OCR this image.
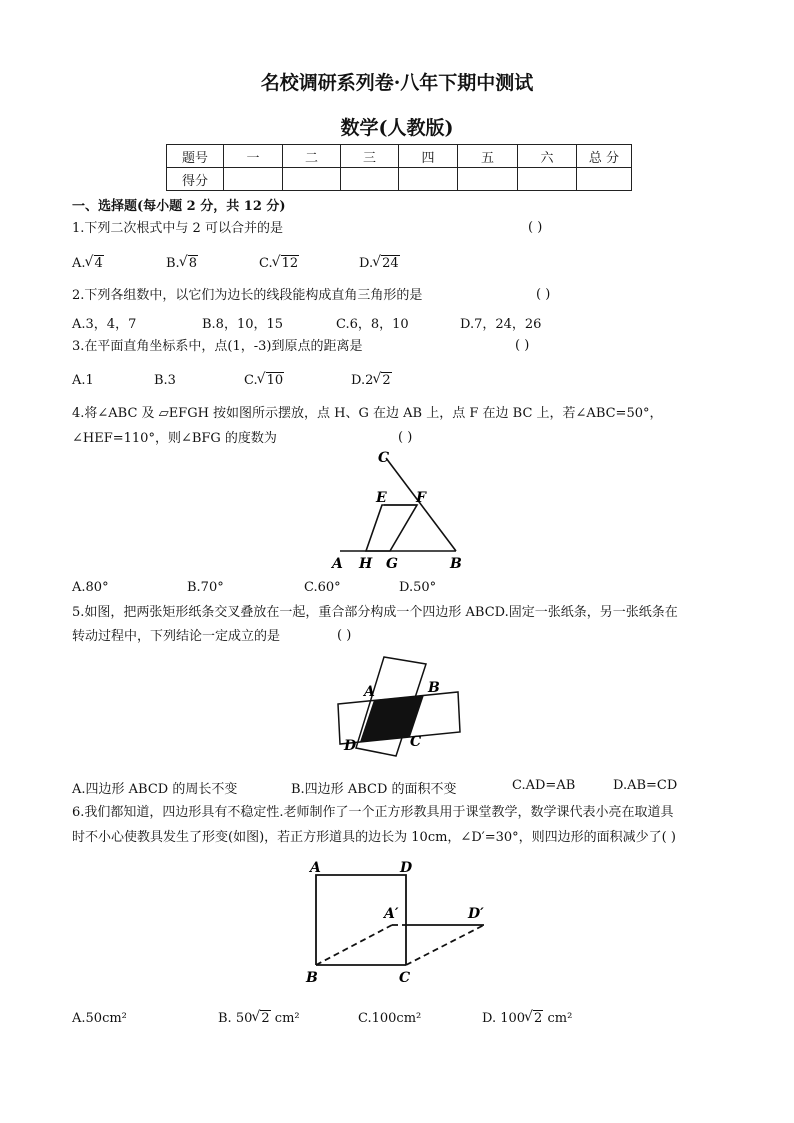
名校调研系列卷·八年下期中测试
数学(人教版)
题号	一	二	三	四	五	六	总 分
得分							
一、选择题(每小题 2 分，共 12 分)
1.下列二次根式中与 2 可以合并的是	( )
A. √ 4	B. √ 8	C. √ 12	D. √ 24
2.下列各组数中，以它们为边长的线段能构成直角三角形的是	( )
A.3，4，7	B.8，10，15	C.6，8，10	D.7，24，26
3.在平面直角坐标系中，点(1，-3)到原点的距离是	( )
A.1	B.3	C. √ 10	D.2 √ 2
4.将∠ABC 及 ▱EFGH 按如图所示摆放，点 H、G 在边 AB 上，点 F 在边 BC 上，若∠ABC=50°，
∠HEF=110°，则∠BFG 的度数为	( )
C
E F
A H G	B
A.80°	B.70°	C.60°	D.50°
5.如图，把两张矩形纸条交叉叠放在一起，重合部分构成一个四边形 ABCD.固定一张纸条，另一张纸条在
转动过程中，下列结论一定成立的是	( )
A	B
C
D
A.四边形 ABCD 的周长不变	B.四边形 ABCD 的面积不变	C.AD=AB	D.AB=CD
6.我们都知道，四边形具有不稳定性.老师制作了一个正方形教具用于课堂教学，数学课代表小亮在取道具
时不小心使教具发生了形变(如图)，若正方形道具的边长为 10cm，∠D′=30°，则四边形的面积减少了( )
A	D
A′	D′
B	C
A.50cm²	B. 50 √ 2 cm²	C.100cm²	D. 100 √ 2 cm²
